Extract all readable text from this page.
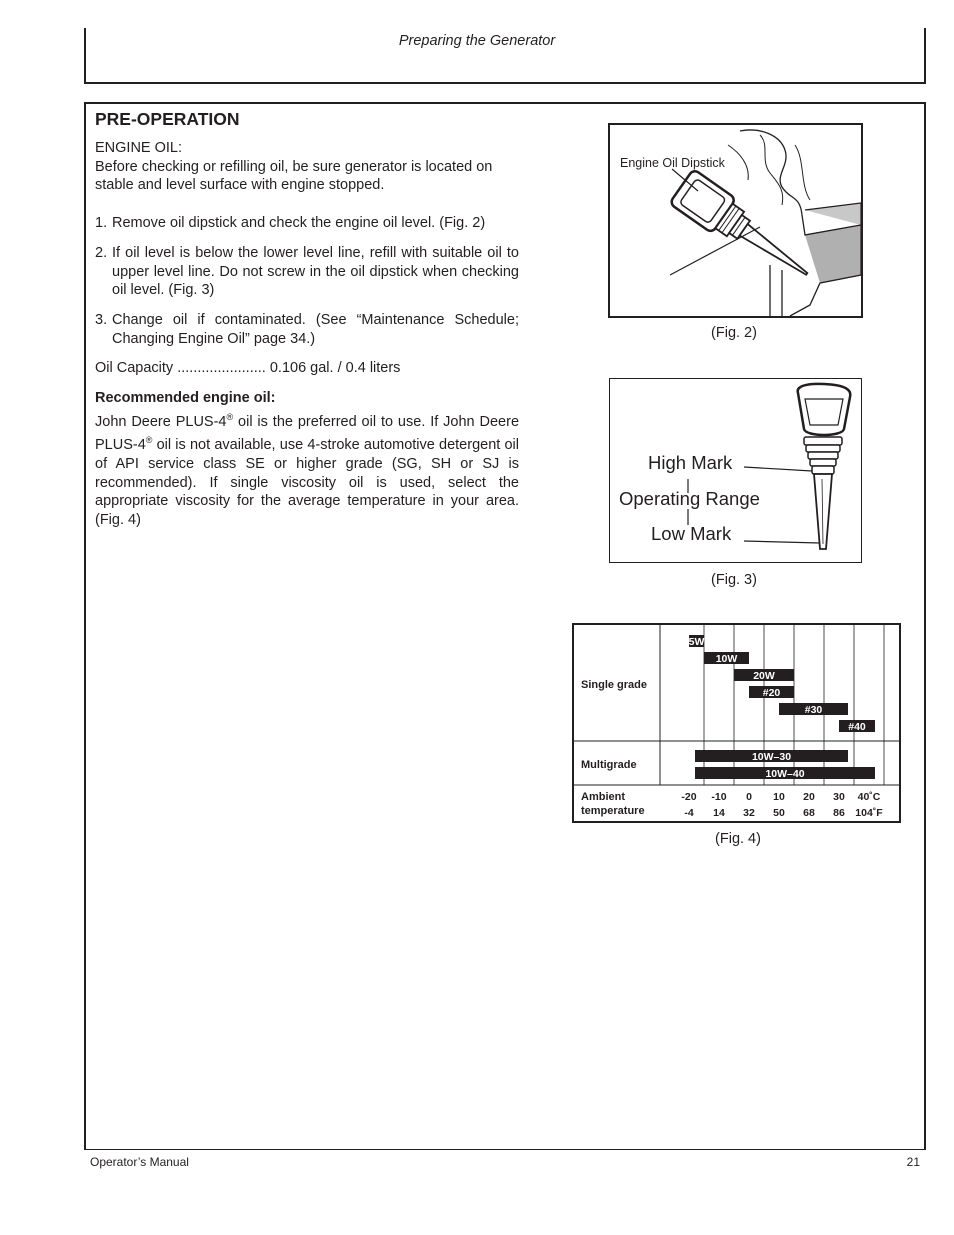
Preparing the Generator
PRE-OPERATION
ENGINE OIL:
Before checking or refilling oil, be sure generator is located on stable and level surface with engine stopped.
1. Remove oil dipstick and check the engine oil level. (Fig. 2)
2. If oil level is below the lower level line, refill with suitable oil to upper level line. Do not screw in the oil dipstick when checking oil level. (Fig. 3)
3. Change oil if contaminated. (See “Maintenance Schedule; Changing Engine Oil” page 34.)
Oil Capacity ...................... 0.106 gal. / 0.4 liters
Recommended engine oil:
John Deere PLUS-4® oil is the preferred oil to use. If John Deere PLUS-4® oil is not available, use 4-stroke automotive detergent oil of API service class SE or higher grade (SG, SH or SJ is recommended). If single viscosity oil is used, select the appropriate viscosity for the average temperature in your area. (Fig. 4)
Engine Oil Dipstick
(Fig. 2)
High Mark
Operating Range
Low Mark
(Fig. 3)
5W
10W
20W
#20
#30
#40
10W–30
10W–40
Single grade
Multigrade
Ambient
temperature
-20 -10 0 10 20 30 40˚C
-4 14 32 50 68 86 104˚F
(Fig. 4)
Operator’s Manual	21
